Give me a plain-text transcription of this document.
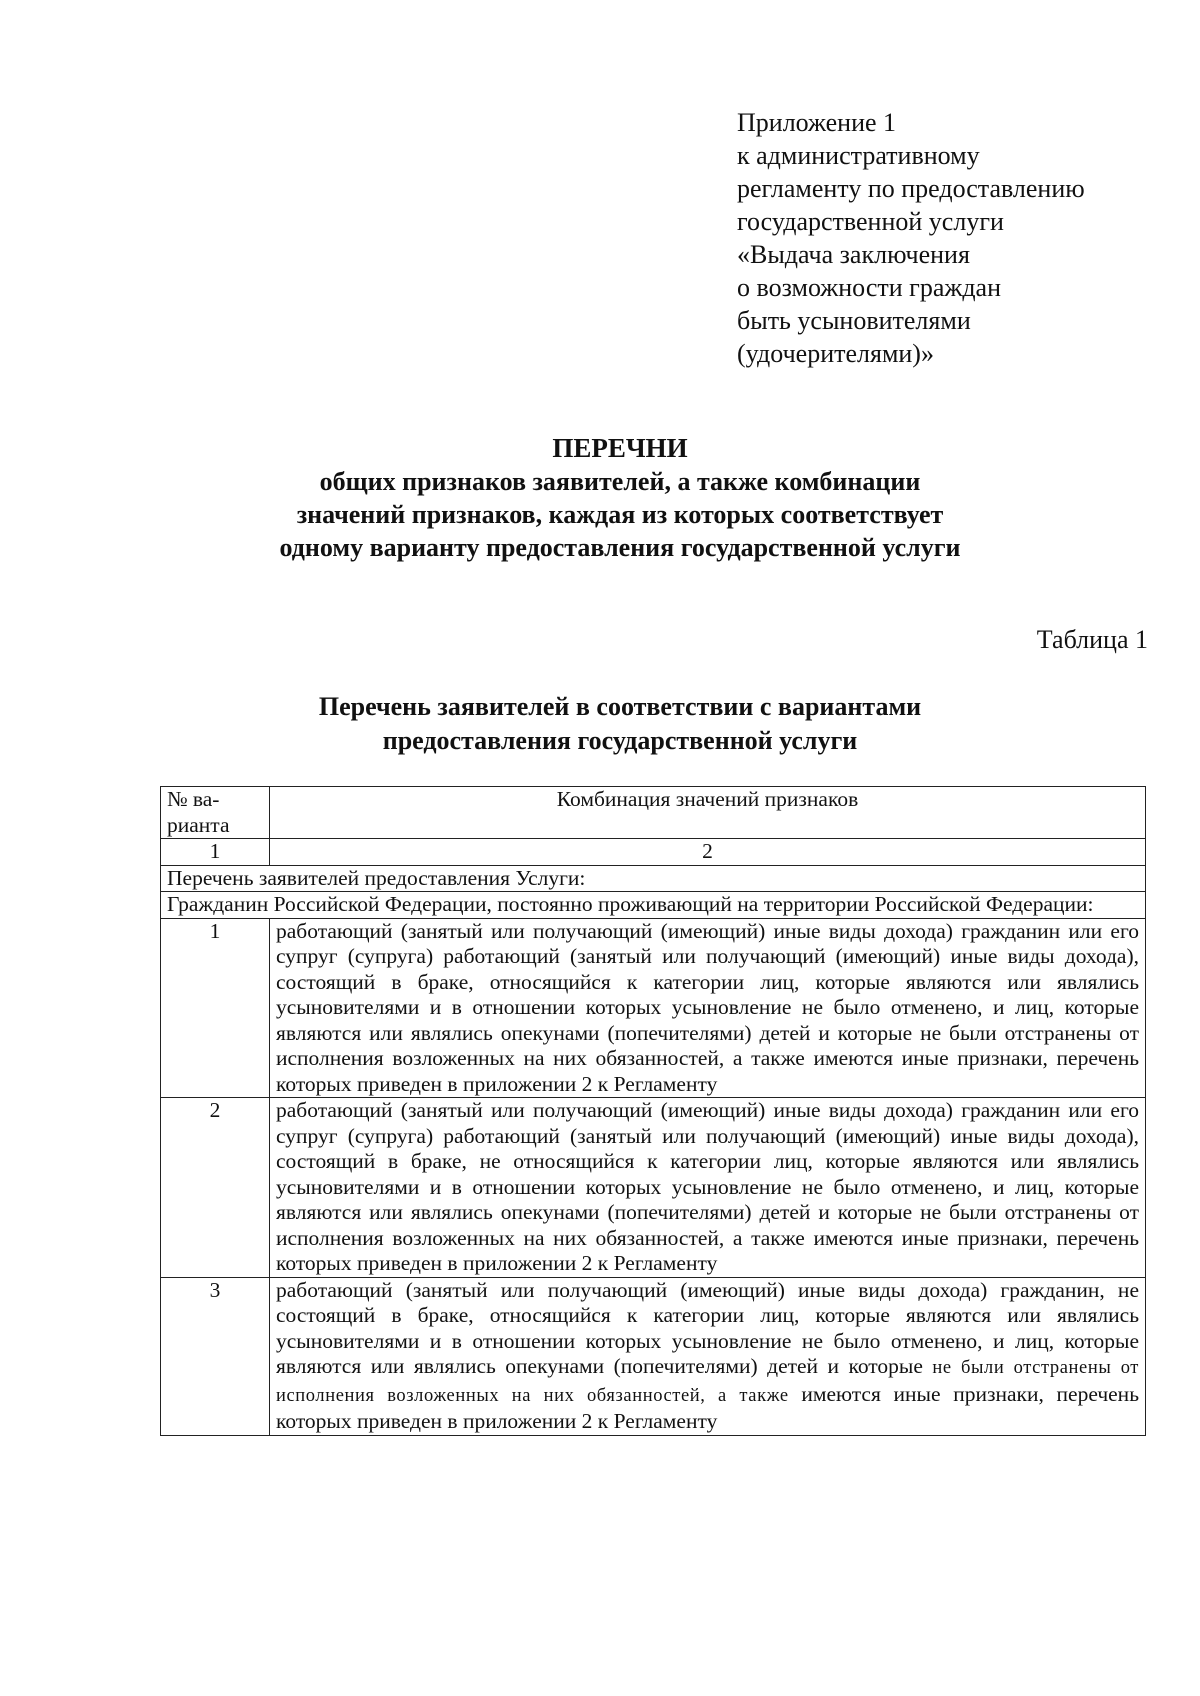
Приложение 1
к административному
регламенту по предоставлению
государственной услуги
«Выдача заключения
о возможности граждан
быть усыновителями
(удочерителями)»
ПЕРЕЧНИ
общих признаков заявителей, а также комбинации
значений признаков, каждая из которых соответствует
одному варианту предоставления государственной услуги
Таблица 1
Перечень заявителей в соответствии с вариантами
предоставления государственной услуги
№ ва-
рианта	Комбинация значений признаков
1	2
Перечень заявителей предоставления Услуги:	
Гражданин Российской Федерации, постоянно проживающий на территории Российской Федерации:	
1	работающий (занятый или получающий (имеющий) иные виды дохода) гражданин или его супруг (супруга) работающий (занятый или получающий (имеющий) иные виды дохода), состоящий в браке, относящийся к категории лиц, которые являются или являлись усыновителями и в отношении которых усыновление не было отменено, и лиц, которые являются или являлись опекунами (попечителями) детей и которые не были отстранены от исполнения возложенных на них обязанностей, а также имеются иные признаки, перечень которых приведен в приложении 2 к Регламенту
2	работающий (занятый или получающий (имеющий) иные виды дохода) гражданин или его супруг (супруга) работающий (занятый или получающий (имеющий) иные виды дохода), состоящий в браке, не относящийся к категории лиц, которые являются или являлись усыновителями и в отношении которых усыновление не было отменено, и лиц, которые являются или являлись опекунами (попечителями) детей и которые не были отстранены от исполнения возложенных на них обязанностей, а также имеются иные признаки, перечень которых приведен в приложении 2 к Регламенту
3	работающий (занятый или получающий (имеющий) иные виды дохода) гражданин, не состоящий в браке, относящийся к категории лиц, которые являются или являлись усыновителями и в отношении которых усыновление не было отменено, и лиц, которые являются или являлись опекунами (попечителями) детей и которые не были отстранены от исполнения возложенных на них обязанностей, а также имеются иные признаки, перечень которых приведен в приложении 2 к Регламенту
